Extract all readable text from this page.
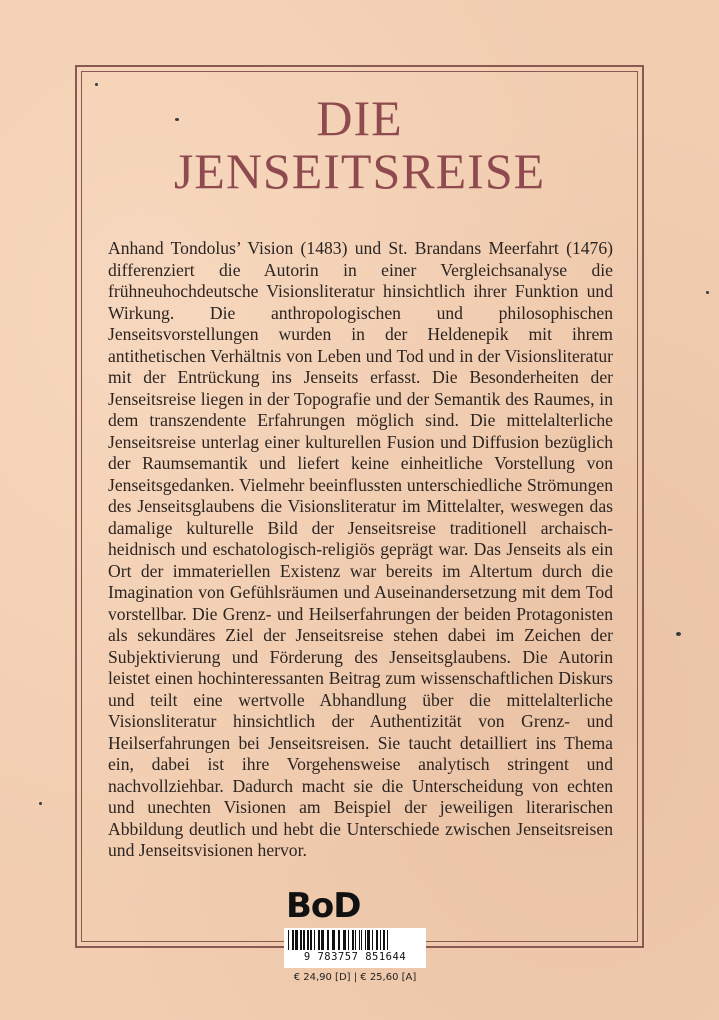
DIE
JENSEITSREISE
Anhand Tondolus’ Vision (1483) und St. Brandans Meerfahrt (1476) differenziert die Autorin in einer Vergleichsanalyse die frühneuhochdeutsche Visionsliteratur hinsichtlich ihrer Funktion und Wirkung. Die anthropologischen und philosophischen Jenseitsvorstellungen wurden in der Heldenepik mit ihrem antithetischen Verhältnis von Leben und Tod und in der Visionsliteratur mit der Entrückung ins Jenseits erfasst. Die Besonderheiten der Jenseitsreise liegen in der Topografie und der Semantik des Raumes, in dem transzendente Erfahrungen möglich sind. Die mittelalterliche Jenseitsreise unterlag einer kulturellen Fusion und Diffusion bezüglich der Raumsemantik und liefert keine einheitliche Vorstellung von Jenseitsgedanken. Vielmehr beeinflussten unterschiedliche Strömungen des Jenseitsglaubens die Visionsliteratur im Mittelalter, weswegen das damalige kulturelle Bild der Jenseitsreise traditionell archaisch-heidnisch und eschatologisch-religiös geprägt war. Das Jenseits als ein Ort der immateriellen Existenz war bereits im Altertum durch die Imagination von Gefühlsräumen und Auseinandersetzung mit dem Tod vorstellbar. Die Grenz- und Heilserfahrungen der beiden Protagonisten als sekundäres Ziel der Jenseitsreise stehen dabei im Zeichen der Subjektivierung und Förderung des Jenseitsglaubens. Die Autorin leistet einen hochinteressanten Beitrag zum wissenschaftlichen Diskurs und teilt eine wertvolle Abhandlung über die mittelalterliche Visionsliteratur hinsichtlich der Authentizität von Grenz- und Heilserfahrungen bei Jenseitsreisen. Sie taucht detailliert ins Thema ein, dabei ist ihre Vorgehensweise analytisch stringent und nachvollziehbar. Dadurch macht sie die Unterscheidung von echten und unechten Visionen am Beispiel der jeweiligen literarischen Abbildung deutlich und hebt die Unterschiede zwischen Jenseitsreisen und Jenseitsvisionen hervor.
BoD
9 783757 851644
€ 24,90 [D] | € 25,60 [A]
